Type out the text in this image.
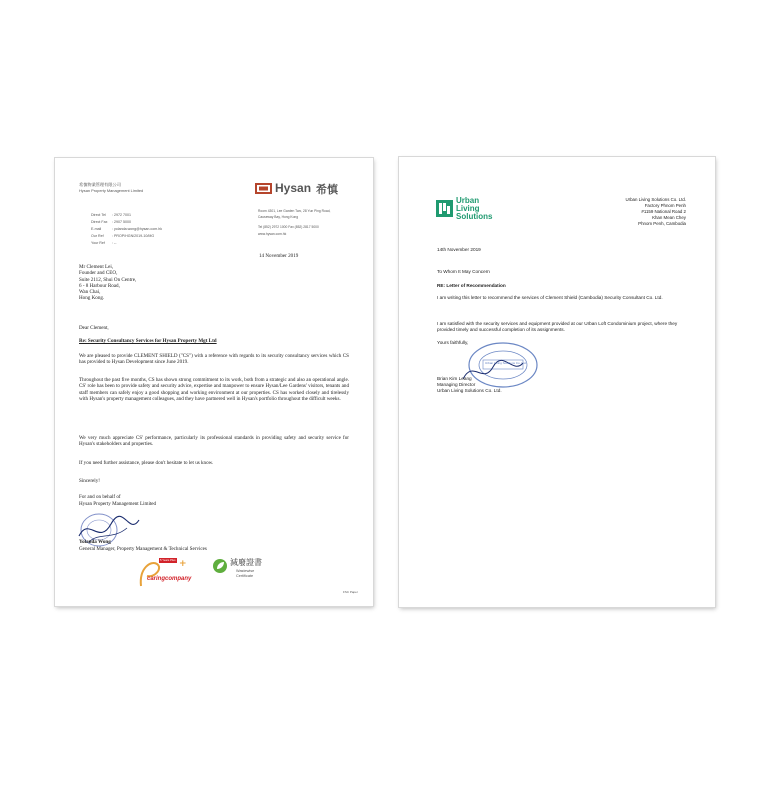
希慎物業管理有限公司
Hysan Property Management Limited	Hysan 希慎
Direct Tel : 2972 7001
Direct Fax : 2907 5000
E-mail	: yolanda.wong@hysan.com.hk
Our Ref : PROP/HGN/2019-10/MG
Your Ref : --
Room 4301, Lee Garden Two, 28 Yun Ping Road,
Causeway Bay, Hong Kong
Tel (852) 2972 1000 Fax (852) 2817 5000
www.hysan.com.hk
14 November 2019
Mr Clement Lei,
Founder and CEO,
Suite 2112, Shui On Centre,
6 - 8 Harbour Road,
Wan Chai,
Hong Kong.
Dear Clement,
Re: Security Consultancy Services for Hysan Property Mgt Ltd
We are pleased to provide CLEMENT SHIELD ("CS") with a reference with regards to its security consultancy services which CS has provided to Hysan Development since June 2019.
Throughout the past five months, CS has shown strong commitment to its work, both from a strategic and also an operational angle. CS' role has been to provide safety and security advice, expertise and manpower to ensure Hysan/Lee Gardens' visitors, tenants and staff members can safely enjoy a good shopping and working environment at our properties. CS has worked closely and tirelessly with Hysan's property management colleagues, and they have partnered well in Hysan's portfolio throughout the difficult weeks.
We very much appreciate CS' performance, particularly its professional standards in providing safety and security service for Hysan's stakeholders and properties.
If you need further assistance, please don't hesitate to let us know.
Sincerely!
For and on behalf of
Hysan Property Management Limited
Yolanda Wong
General Manager, Property Management & Technical Services
+
5 Years Plus
caringcompany
減廢證書
Wastewise
Certificate
FSC Paper
Urban
Living
Solutions
Urban Living Solutions Co. Ltd.
Factory Phnom Penh
#1159 National Road 2
Khan Mean Chey
Phnom Penh, Cambodia
14th November 2019
To Whom It May Concern
RE: Letter of Recommendation
I am writing this letter to recommend the services of Clement Shield (Cambodia) Security Consultant Co. Ltd.
I am satisfied with the security services and equipment provided at our Urban Loft Condominium project, where they provided timely and successful completion of its assignments.
Yours faithfully,
Urban Living Solutions Co. Ltd.
Brian Kim Leang
Managing Director
Urban Living Solutions Co. Ltd.
